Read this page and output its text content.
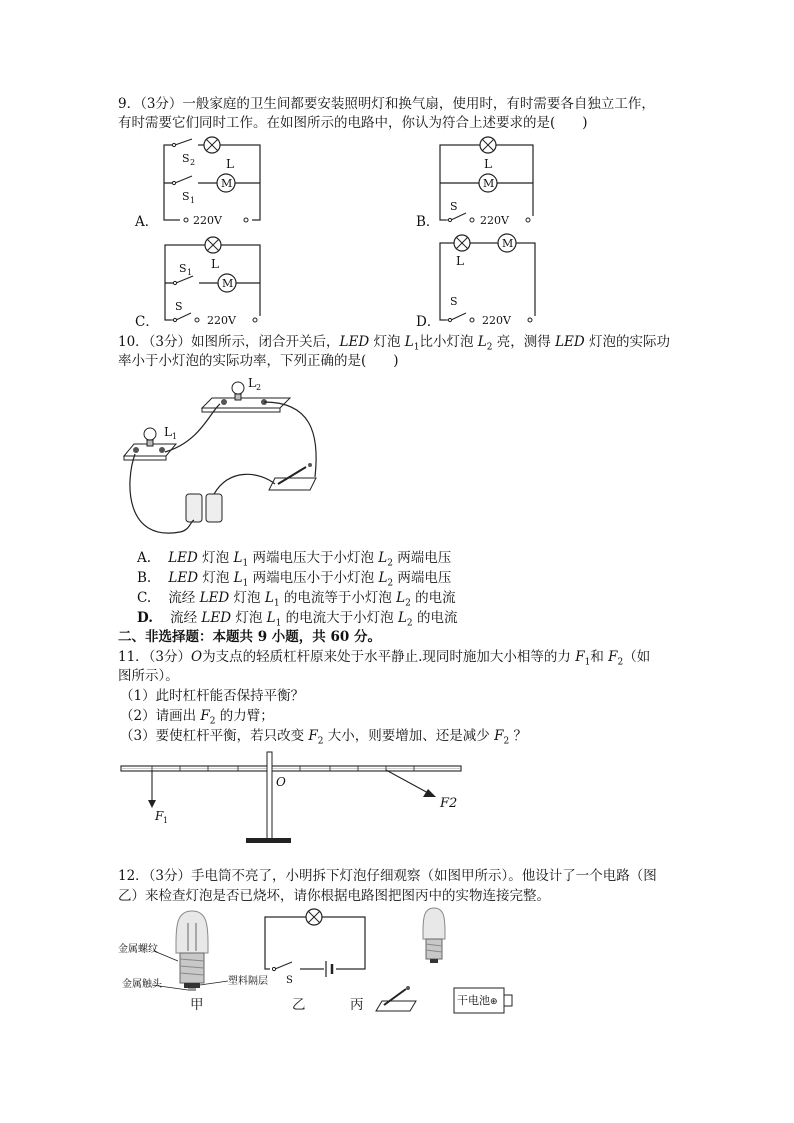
9．（3分）一般家庭的卫生间都要安装照明灯和换气扇，使用时，有时需要各自独立工作，
有时需要它们同时工作。在如图所示的电路中，你认为符合上述要求的是(　　)
M
L
S 2
S 1
220V
A．
L
M
220V
S
B．
L
S 1
M
220V
S
C．
M
L
220V
S
D．
10．（3分）如图所示，闭合开关后，LED 灯泡 $L_1$比小灯泡 $L_2$ 亮，测得 LED 灯泡的实际功
率小于小灯泡的实际功率，下列正确的是(　　)
L 2
L 1
A. LED 灯泡 $L_1$ 两端电压大于小灯泡 $L_2$ 两端电压
B. LED 灯泡 $L_1$ 两端电压小于小灯泡 $L_2$ 两端电压
C. 流经 LED 灯泡 $L_1$ 的电流等于小灯泡 $L_2$ 的电流
D. 流经 LED 灯泡 $L_1$ 的电流大于小灯泡 $L_2$ 的电流
二、非选择题：本题共 9 小题，共 60 分。
11．（3分）O为支点的轻质杠杆原来处于水平静止.现同时施加大小相等的力 $F_1$和 $F_2$（如
图所示）。
（1）此时杠杆能否保持平衡？
（2）请画出 $F_2$ 的力臂；
（3）要使杠杆平衡，若只改变 $F_2$ 大小，则要增加、还是减少 $F_2$ ？
F 1
F2
O
12．（3分）手电筒不亮了，小明拆下灯泡仔细观察（如图甲所示）。他设计了一个电路（图
乙）来检查灯泡是否已烧坏，请你根据电路图把图丙中的实物连接完整。
金属螺纹
金属触头	塑料隔层
甲
S
乙	干电池⊕
丙
